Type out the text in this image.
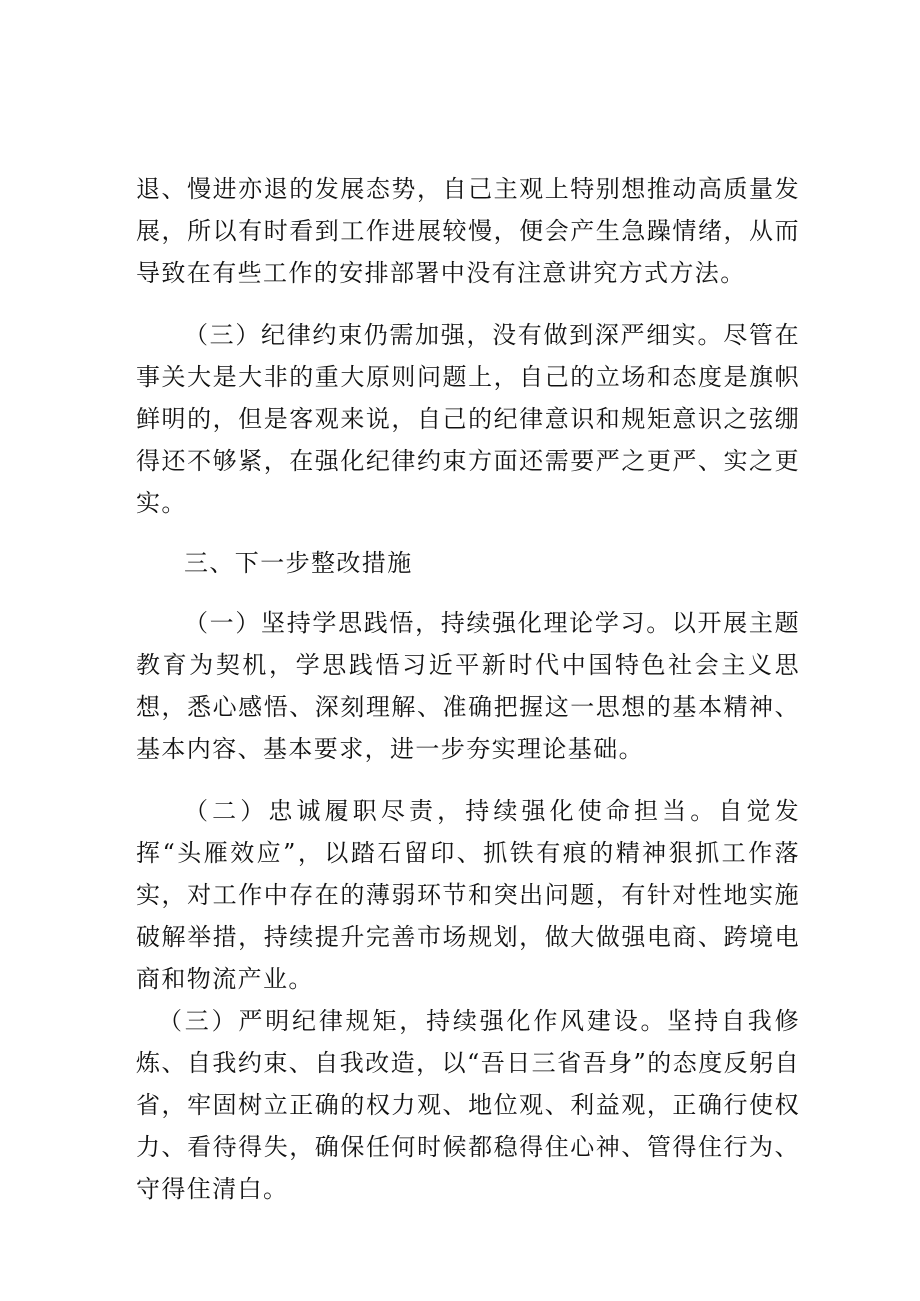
退、慢进亦退的发展态势，自己主观上特别想推动高质量发展，所以有时看到工作进展较慢，便会产生急躁情绪，从而导致在有些工作的安排部署中没有注意讲究方式方法。

（三）纪律约束仍需加强，没有做到深严细实。尽管在事关大是大非的重大原则问题上，自己的立场和态度是旗帜鲜明的，但是客观来说，自己的纪律意识和规矩意识之弦绷得还不够紧，在强化纪律约束方面还需要严之更严、实之更实。

三、下一步整改措施

（一）坚持学思践悟，持续强化理论学习。以开展主题教育为契机，学思践悟习近平新时代中国特色社会主义思想，悉心感悟、深刻理解、准确把握这一思想的基本精神、基本内容、基本要求，进一步夯实理论基础。

（二）忠诚履职尽责，持续强化使命担当。自觉发挥“头雁效应”，以踏石留印、抓铁有痕的精神狠抓工作落实，对工作中存在的薄弱环节和突出问题，有针对性地实施破解举措，持续提升完善市场规划，做大做强电商、跨境电商和物流产业。

（三）严明纪律规矩，持续强化作风建设。坚持自我修炼、自我约束、自我改造，以“吾日三省吾身”的态度反躬自省，牢固树立正确的权力观、地位观、利益观，正确行使权力、看待得失，确保任何时候都稳得住心神、管得住行为、守得住清白。
